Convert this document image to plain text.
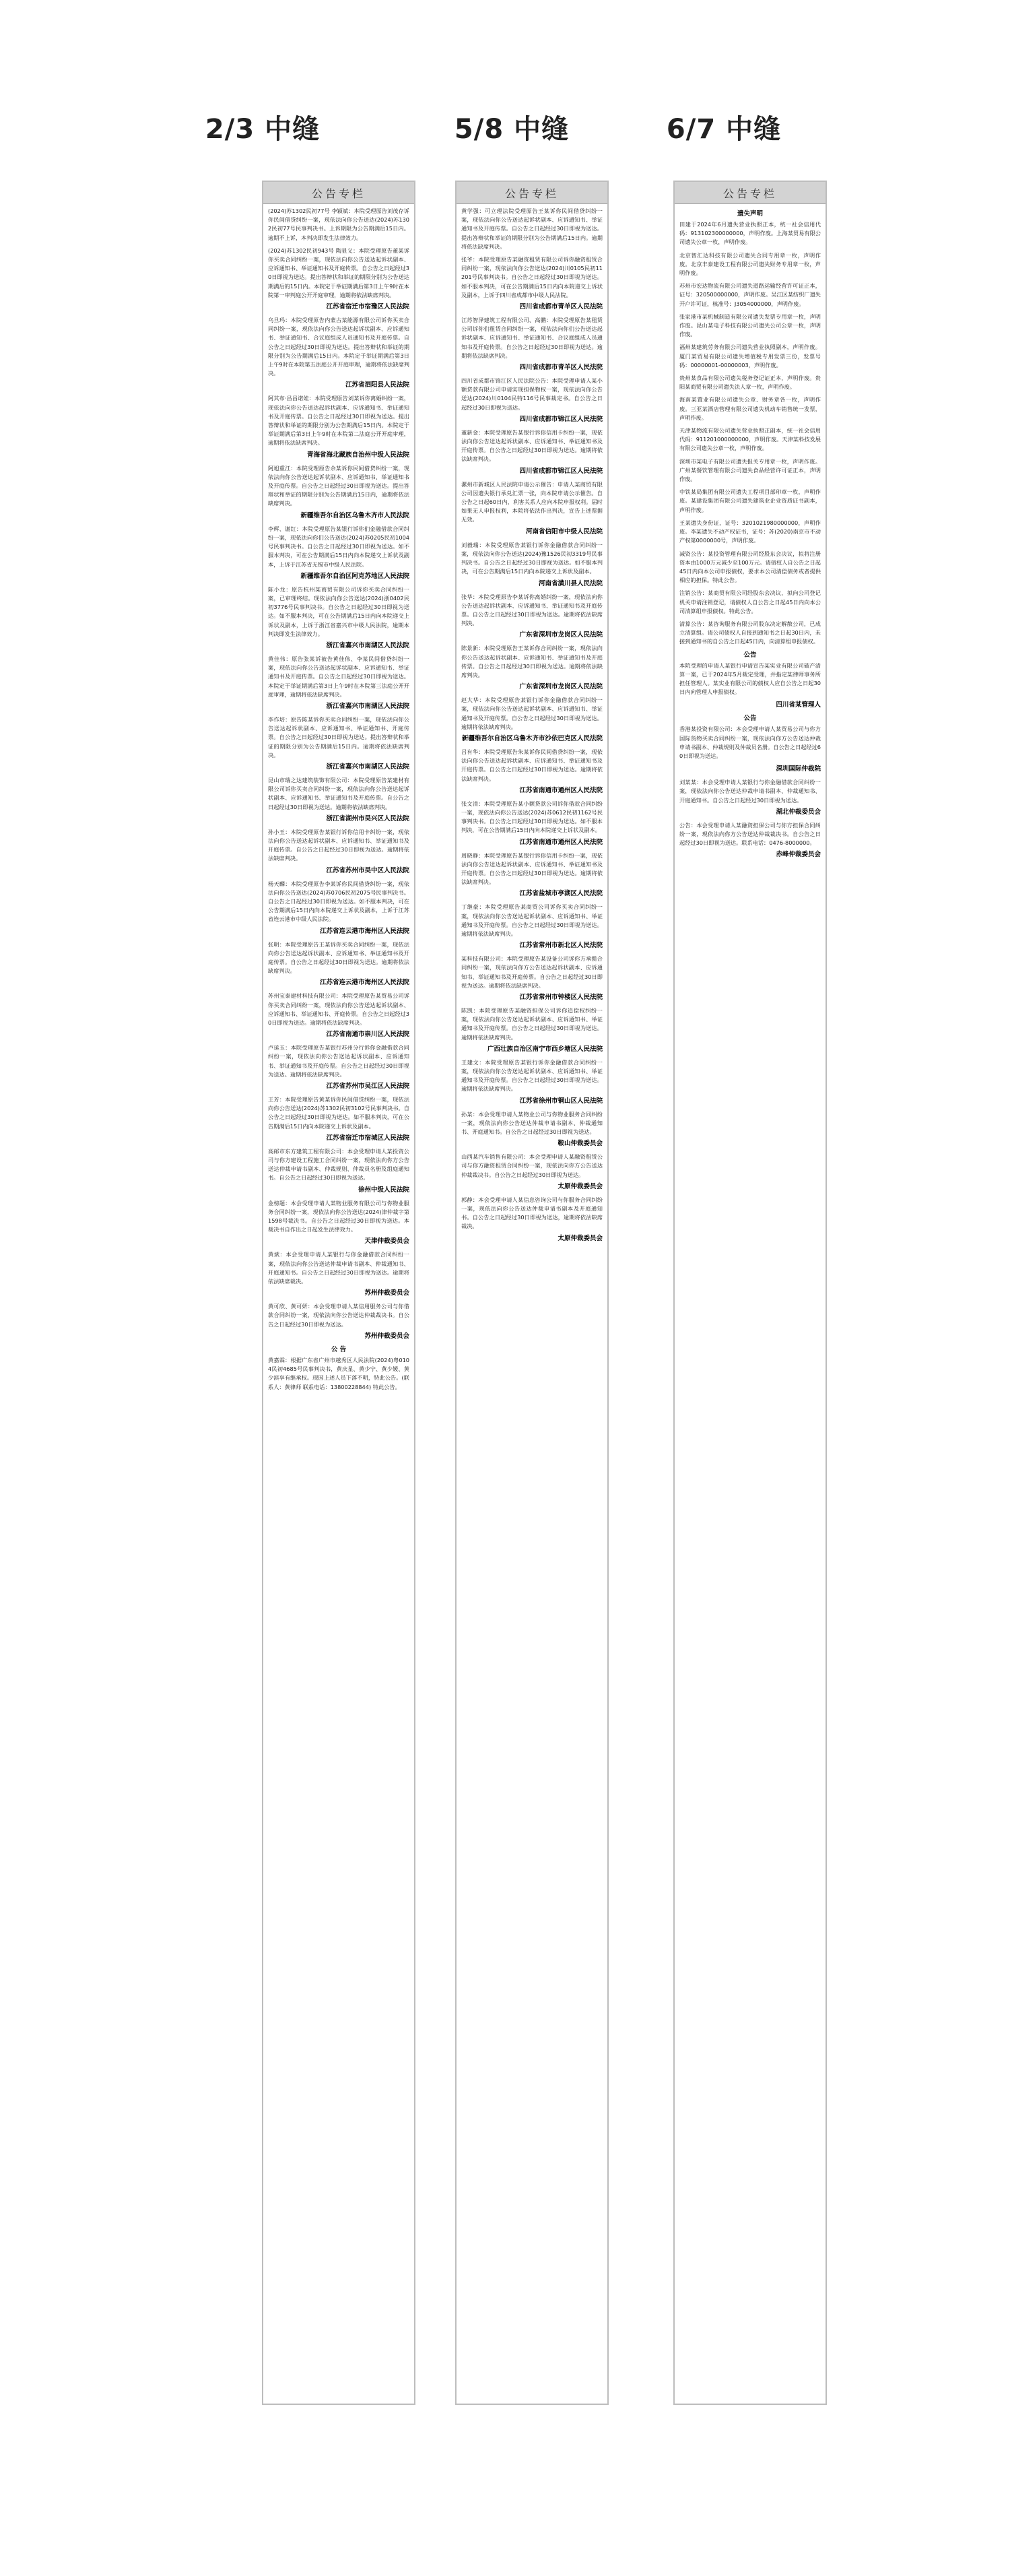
2/3 中缝	5/8 中缝	6/7 中缝
公告专栏

(2024)苏1302民初77号 李颖斌：本院受理原告刘茂存诉你民间借贷纠纷一案，现依法向你公告送达(2024)苏1302民初77号民事判决书。上诉期限为公告期满后15日内。逾期不上诉，本判决即发生法律效力。

(2024)苏1302民初943号 陶显义：本院受理原告董某诉你买卖合同纠纷一案，现依法向你公告送达起诉状副本、应诉通知书、举证通知书及开庭传票。自公告之日起经过30日即视为送达。提出答辩状和举证的期限分别为公告送达期满后的15日内。本院定于举证期满后第3日上午9时在本院第一审判庭公开开庭审理，逾期将依法缺席判决。

江苏省宿迁市宿豫区人民法院

乌旦玛：本院受理原告内蒙古某能源有限公司诉你买卖合同纠纷一案，现依法向你公告送达起诉状副本、应诉通知书、举证通知书、合议庭组成人员通知书及开庭传票。自公告之日起经过30日即视为送达。提出答辩状和举证的期限分别为公告期满后15日内。本院定于举证期满后第3日上午9时在本院第五法庭公开开庭审理，逾期将依法缺席判决。

江苏省泗阳县人民法院

阿其布·昌昌诺娃：本院受理原告刘某诉你离婚纠纷一案，现依法向你公告送达起诉状副本、应诉通知书、举证通知书及开庭传票。自公告之日起经过30日即视为送达。提出答辩状和举证的期限分别为公告期满后15日内。本院定于举证期满后第3日上午9时在本院第二法庭公开开庭审理，逾期将依法缺席判决。

青海省海北藏族自治州中级人民法院

阿旭重江：本院受理原告余某诉你民间借贷纠纷一案，现依法向你公告送达起诉状副本、应诉通知书、举证通知书及开庭传票。自公告之日起经过30日即视为送达。提出答辩状和举证的期限分别为公告期满后15日内，逾期将依法缺席判决。

新疆维吾尔自治区乌鲁木齐市人民法院

李辉、谢红：本院受理原告某银行诉你们金融借款合同纠纷一案，现依法向你们公告送达(2024)苏0205民初1004号民事判决书。自公告之日起经过30日即视为送达。如不服本判决，可在公告期满后15日内向本院递交上诉状及副本，上诉于江苏省无锡市中级人民法院。

新疆维吾尔自治区阿克苏地区人民法院

陈小龙：原告杭州某商贸有限公司诉你买卖合同纠纷一案，已审理终结。现依法向你公告送达(2024)浙0402民初3776号民事判决书。自公告之日起经过30日即视为送达。如不服本判决，可在公告期满后15日内向本院递交上诉状及副本，上诉于浙江省嘉兴市中级人民法院，逾期本判决即发生法律效力。

浙江省嘉兴市南湖区人民法院

黄佳伟：原告张某诉被告黄佳伟、李某民间借贷纠纷一案，现依法向你公告送达起诉状副本、应诉通知书、举证通知书及开庭传票。自公告之日起经过30日即视为送达。本院定于举证期满后第3日上午9时在本院第三法庭公开开庭审理，逾期将依法缺席判决。

浙江省嘉兴市南湖区人民法院

李作培：原告陈某诉你买卖合同纠纷一案，现依法向你公告送达起诉状副本、应诉通知书、举证通知书、开庭传票。自公告之日起经过30日即视为送达。提出答辩状和举证的期限分别为公告期满后15日内。逾期将依法缺席判决。

浙江省嘉兴市南湖区人民法院

昆山市瑞之达建筑装饰有限公司：本院受理原告某建材有限公司诉你买卖合同纠纷一案，现依法向你公告送达起诉状副本、应诉通知书、举证通知书及开庭传票。自公告之日起经过30日即视为送达。逾期将依法缺席判决。

浙江省湖州市吴兴区人民法院

孙小玉：本院受理原告某银行诉你信用卡纠纷一案，现依法向你公告送达起诉状副本、应诉通知书、举证通知书及开庭传票。自公告之日起经过30日即视为送达。逾期将依法缺席判决。

江苏省苏州市吴中区人民法院

杨天麟：本院受理原告李某诉你民间借贷纠纷一案，现依法向你公告送达(2024)苏0706民初2075号民事判决书。自公告之日起经过30日即视为送达。如不服本判决，可在公告期满后15日内向本院递交上诉状及副本，上诉于江苏省连云港市中级人民法院。

江苏省连云港市海州区人民法院

张明：本院受理原告王某诉你买卖合同纠纷一案，现依法向你公告送达起诉状副本、应诉通知书、举证通知书及开庭传票。自公告之日起经过30日即视为送达。逾期将依法缺席判决。

江苏省连云港市海州区人民法院

苏州宝泰建材科技有限公司：本院受理原告某贸易公司诉你买卖合同纠纷一案，现依法向你公告送达起诉状副本、应诉通知书、举证通知书、开庭传票。自公告之日起经过30日即视为送达。逾期将依法缺席判决。

江苏省南通市崇川区人民法院

卢延玉：本院受理原告某银行苏州分行诉你金融借款合同纠纷一案，现依法向你公告送达起诉状副本、应诉通知书、举证通知书及开庭传票。自公告之日起经过30日即视为送达。逾期将依法缺席判决。

江苏省苏州市吴江区人民法院

王芳：本院受理原告黄某诉你民间借贷纠纷一案，现依法向你公告送达(2024)苏1302民初3102号民事判决书。自公告之日起经过30日即视为送达。如不服本判决，可在公告期满后15日内向本院递交上诉状及副本。

江苏省宿迁市宿城区人民法院

高邮市东方建筑工程有限公司：本会受理申请人某投资公司与你方建设工程施工合同纠纷一案，现依法向你方公告送达仲裁申请书副本、仲裁规则、仲裁员名册及组庭通知书。自公告之日起经过30日即视为送达。

徐州中级人民法院

金榜题：本会受理申请人某物业服务有限公司与你物业服务合同纠纷一案，现依法向你公告送达(2024)津仲裁字第1598号裁决书。自公告之日起经过30日即视为送达。本裁决书自作出之日起发生法律效力。

天津仲裁委员会

黄斌：本会受理申请人某银行与你金融借款合同纠纷一案，现依法向你公告送达仲裁申请书副本、仲裁通知书、开庭通知书。自公告之日起经过30日即视为送达。逾期将依法缺席裁决。

苏州仲裁委员会

黄可欣、黄可妍：本会受理申请人某信用服务公司与你借款合同纠纷一案，现依法向你公告送达仲裁裁决书。自公告之日起经过30日即视为送达。

苏州仲裁委员会
公 告

黄嘉霖：根据广东省广州市越秀区人民法院(2024)粤0104民初4685号民事判决书，黄庆星、黄少宁、黄少媛、黄少滨享有继承权。现因上述人员下落不明，特此公告。(联系人：黄律师 联系电话：13800228844) 特此公告。

公告专栏

黄学强：可立理法院受理原告王某诉你民间借贷纠纷一案，现依法向你公告送达起诉状副本、应诉通知书、举证通知书及开庭传票。自公告之日起经过30日即视为送达。提出答辩状和举证的期限分别为公告期满后15日内。逾期将依法缺席判决。

张爷：本院受理原告某融资租赁有限公司诉你融资租赁合同纠纷一案，现依法向你公告送达(2024)川0105民初11201号民事判决书。自公告之日起经过30日即视为送达。如不服本判决，可在公告期满后15日内向本院递交上诉状及副本，上诉于四川省成都市中级人民法院。

四川省成都市青羊区人民法院

江苏智泽建筑工程有限公司、高鹏：本院受理原告某租赁公司诉你们租赁合同纠纷一案，现依法向你们公告送达起诉状副本、应诉通知书、举证通知书、合议庭组成人员通知书及开庭传票。自公告之日起经过30日即视为送达。逾期将依法缺席判决。

四川省成都市青羊区人民法院

四川省成都市锦江区人民法院公告：本院受理申请人某小额贷款有限公司申请实现担保物权一案，现依法向你公告送达(2024)川0104民特116号民事裁定书。自公告之日起经过30日即视为送达。

四川省成都市锦江区人民法院

董新金：本院受理原告某银行诉你信用卡纠纷一案，现依法向你公告送达起诉状副本、应诉通知书、举证通知书及开庭传票。自公告之日起经过30日即视为送达。逾期将依法缺席判决。

四川省成都市锦江区人民法院

漯州市新城区人民法院申请公示催告：申请人某商贸有限公司因遗失银行承兑汇票一张，向本院申请公示催告。自公告之日起60日内，利害关系人应向本院申报权利。届时如果无人申报权利，本院将依法作出判决，宣告上述票据无效。

河南省信阳市中级人民法院

刘毅瑞：本院受理原告某银行诉你金融借款合同纠纷一案，现依法向你公告送达(2024)豫1526民初3319号民事判决书。自公告之日起经过30日即视为送达。如不服本判决，可在公告期满后15日内向本院递交上诉状及副本。

河南省潢川县人民法院

张华：本院受理原告李某诉你离婚纠纷一案，现依法向你公告送达起诉状副本、应诉通知书、举证通知书及开庭传票。自公告之日起经过30日即视为送达。逾期将依法缺席判决。

广东省深圳市龙岗区人民法院

陈景新：本院受理原告王某诉你合同纠纷一案，现依法向你公告送达起诉状副本、应诉通知书、举证通知书及开庭传票。自公告之日起经过30日即视为送达。逾期将依法缺席判决。

广东省深圳市龙岗区人民法院

赵大华：本院受理原告某银行诉你金融借款合同纠纷一案，现依法向你公告送达起诉状副本、应诉通知书、举证通知书及开庭传票。自公告之日起经过30日即视为送达。逾期将依法缺席判决。

新疆维吾尔自治区乌鲁木齐市沙依巴克区人民法院

吕有华：本院受理原告朱某诉你民间借贷纠纷一案，现依法向你公告送达起诉状副本、应诉通知书、举证通知书及开庭传票。自公告之日起经过30日即视为送达。逾期将依法缺席判决。

江苏省南通市通州区人民法院

张文清：本院受理原告某小额贷款公司诉你借款合同纠纷一案，现依法向你公告送达(2024)苏0612民初1162号民事判决书。自公告之日起经过30日即视为送达。如不服本判决，可在公告期满后15日内向本院递交上诉状及副本。

江苏省南通市通州区人民法院

周晓静：本院受理原告某银行诉你信用卡纠纷一案，现依法向你公告送达起诉状副本、应诉通知书、举证通知书及开庭传票。自公告之日起经过30日即视为送达。逾期将依法缺席判决。

江苏省盐城市亭湖区人民法院

丁继豪：本院受理原告某商贸公司诉你买卖合同纠纷一案，现依法向你公告送达起诉状副本、应诉通知书、举证通知书及开庭传票。自公告之日起经过30日即视为送达。逾期将依法缺席判决。

江苏省常州市新北区人民法院

某科技有限公司：本院受理原告某设备公司诉你方承揽合同纠纷一案，现依法向你方公告送达起诉状副本、应诉通知书、举证通知书及开庭传票。自公告之日起经过30日即视为送达。逾期将依法缺席判决。

江苏省常州市钟楼区人民法院

陈凯：本院受理原告某融资担保公司诉你追偿权纠纷一案，现依法向你公告送达起诉状副本、应诉通知书、举证通知书及开庭传票。自公告之日起经过30日即视为送达。逾期将依法缺席判决。

广西壮族自治区南宁市西乡塘区人民法院

王建文：本院受理原告某银行诉你金融借款合同纠纷一案，现依法向你公告送达起诉状副本、应诉通知书、举证通知书及开庭传票。自公告之日起经过30日即视为送达。逾期将依法缺席判决。

江苏省徐州市铜山区人民法院

孙某：本会受理申请人某物业公司与你物业服务合同纠纷一案，现依法向你公告送达仲裁申请书副本、仲裁通知书、开庭通知书。自公告之日起经过30日即视为送达。

鞍山仲裁委员会

山西某汽车销售有限公司：本会受理申请人某融资租赁公司与你方融资租赁合同纠纷一案，现依法向你方公告送达仲裁裁决书。自公告之日起经过30日即视为送达。

太原仲裁委员会

郭静：本会受理申请人某信息咨询公司与你服务合同纠纷一案，现依法向你公告送达仲裁申请书副本及开庭通知书。自公告之日起经过30日即视为送达，逾期将依法缺席裁决。

太原仲裁委员会
公告专栏
遗失声明

田建于2024年6月遗失营业执照正本，统一社会信用代码：913102300000000，声明作废。上海某贸易有限公司遗失公章一枚，声明作废。

北京智汇达科技有限公司遗失合同专用章一枚，声明作废。北京丰泰建设工程有限公司遗失财务专用章一枚，声明作废。

苏州市宏达物流有限公司遗失道路运输经营许可证正本，证号：320500000000，声明作废。吴江区某纺织厂遗失开户许可证，核准号：J3054000000，声明作废。

张家港市某机械制造有限公司遗失发票专用章一枚，声明作废。昆山某电子科技有限公司遗失公司公章一枚，声明作废。

福州某建筑劳务有限公司遗失营业执照副本，声明作废。厦门某贸易有限公司遗失增值税专用发票三份，发票号码：00000001-00000003，声明作废。

贵州某食品有限公司遗失税务登记证正本，声明作废。贵阳某商贸有限公司遗失法人章一枚，声明作废。

海南某置业有限公司遗失公章、财务章各一枚，声明作废。三亚某酒店管理有限公司遗失机动车销售统一发票，声明作废。

天津某物流有限公司遗失营业执照正副本，统一社会信用代码：911201000000000，声明作废。天津某科技发展有限公司遗失公章一枚，声明作废。

深圳市某电子有限公司遗失报关专用章一枚，声明作废。广州某餐饮管理有限公司遗失食品经营许可证正本，声明作废。

中铁某局集团有限公司遗失工程项目部印章一枚，声明作废。某建设集团有限公司遗失建筑业企业资质证书副本，声明作废。

王某遗失身份证，证号：3201021980000000，声明作废。李某遗失不动产权证书，证号：苏(2020)南京市不动产权第0000000号，声明作废。

减资公告：某投资管理有限公司经股东会决议，拟将注册资本由1000万元减少至100万元。请债权人自公告之日起45日内向本公司申报债权，要求本公司清偿债务或者提供相应的担保。特此公告。

注销公告：某商贸有限公司经股东会决议，拟向公司登记机关申请注销登记，请债权人自公告之日起45日内向本公司清算组申报债权。特此公告。

清算公告：某咨询服务有限公司股东决定解散公司，已成立清算组。请公司债权人自接到通知书之日起30日内，未接到通知书的自公告之日起45日内，向清算组申报债权。

公告

本院受理的申请人某银行申请宣告某实业有限公司破产清算一案，已于2024年5月裁定受理，并指定某律师事务所担任管理人。某实业有限公司的债权人应自公告之日起30日内向管理人申报债权。

四川省某管理人
公告

香港某投资有限公司：本会受理申请人某贸易公司与你方国际货物买卖合同纠纷一案，现依法向你方公告送达仲裁申请书副本、仲裁规则及仲裁员名册。自公告之日起经过60日即视为送达。

深圳国际仲裁院

刘某某：本会受理申请人某银行与你金融借款合同纠纷一案，现依法向你公告送达仲裁申请书副本、仲裁通知书、开庭通知书。自公告之日起经过30日即视为送达。

湖北仲裁委员会

公告：本会受理申请人某融资担保公司与你方担保合同纠纷一案，现依法向你方公告送达仲裁裁决书。自公告之日起经过30日即视为送达。联系电话：0476-8000000。

赤峰仲裁委员会
